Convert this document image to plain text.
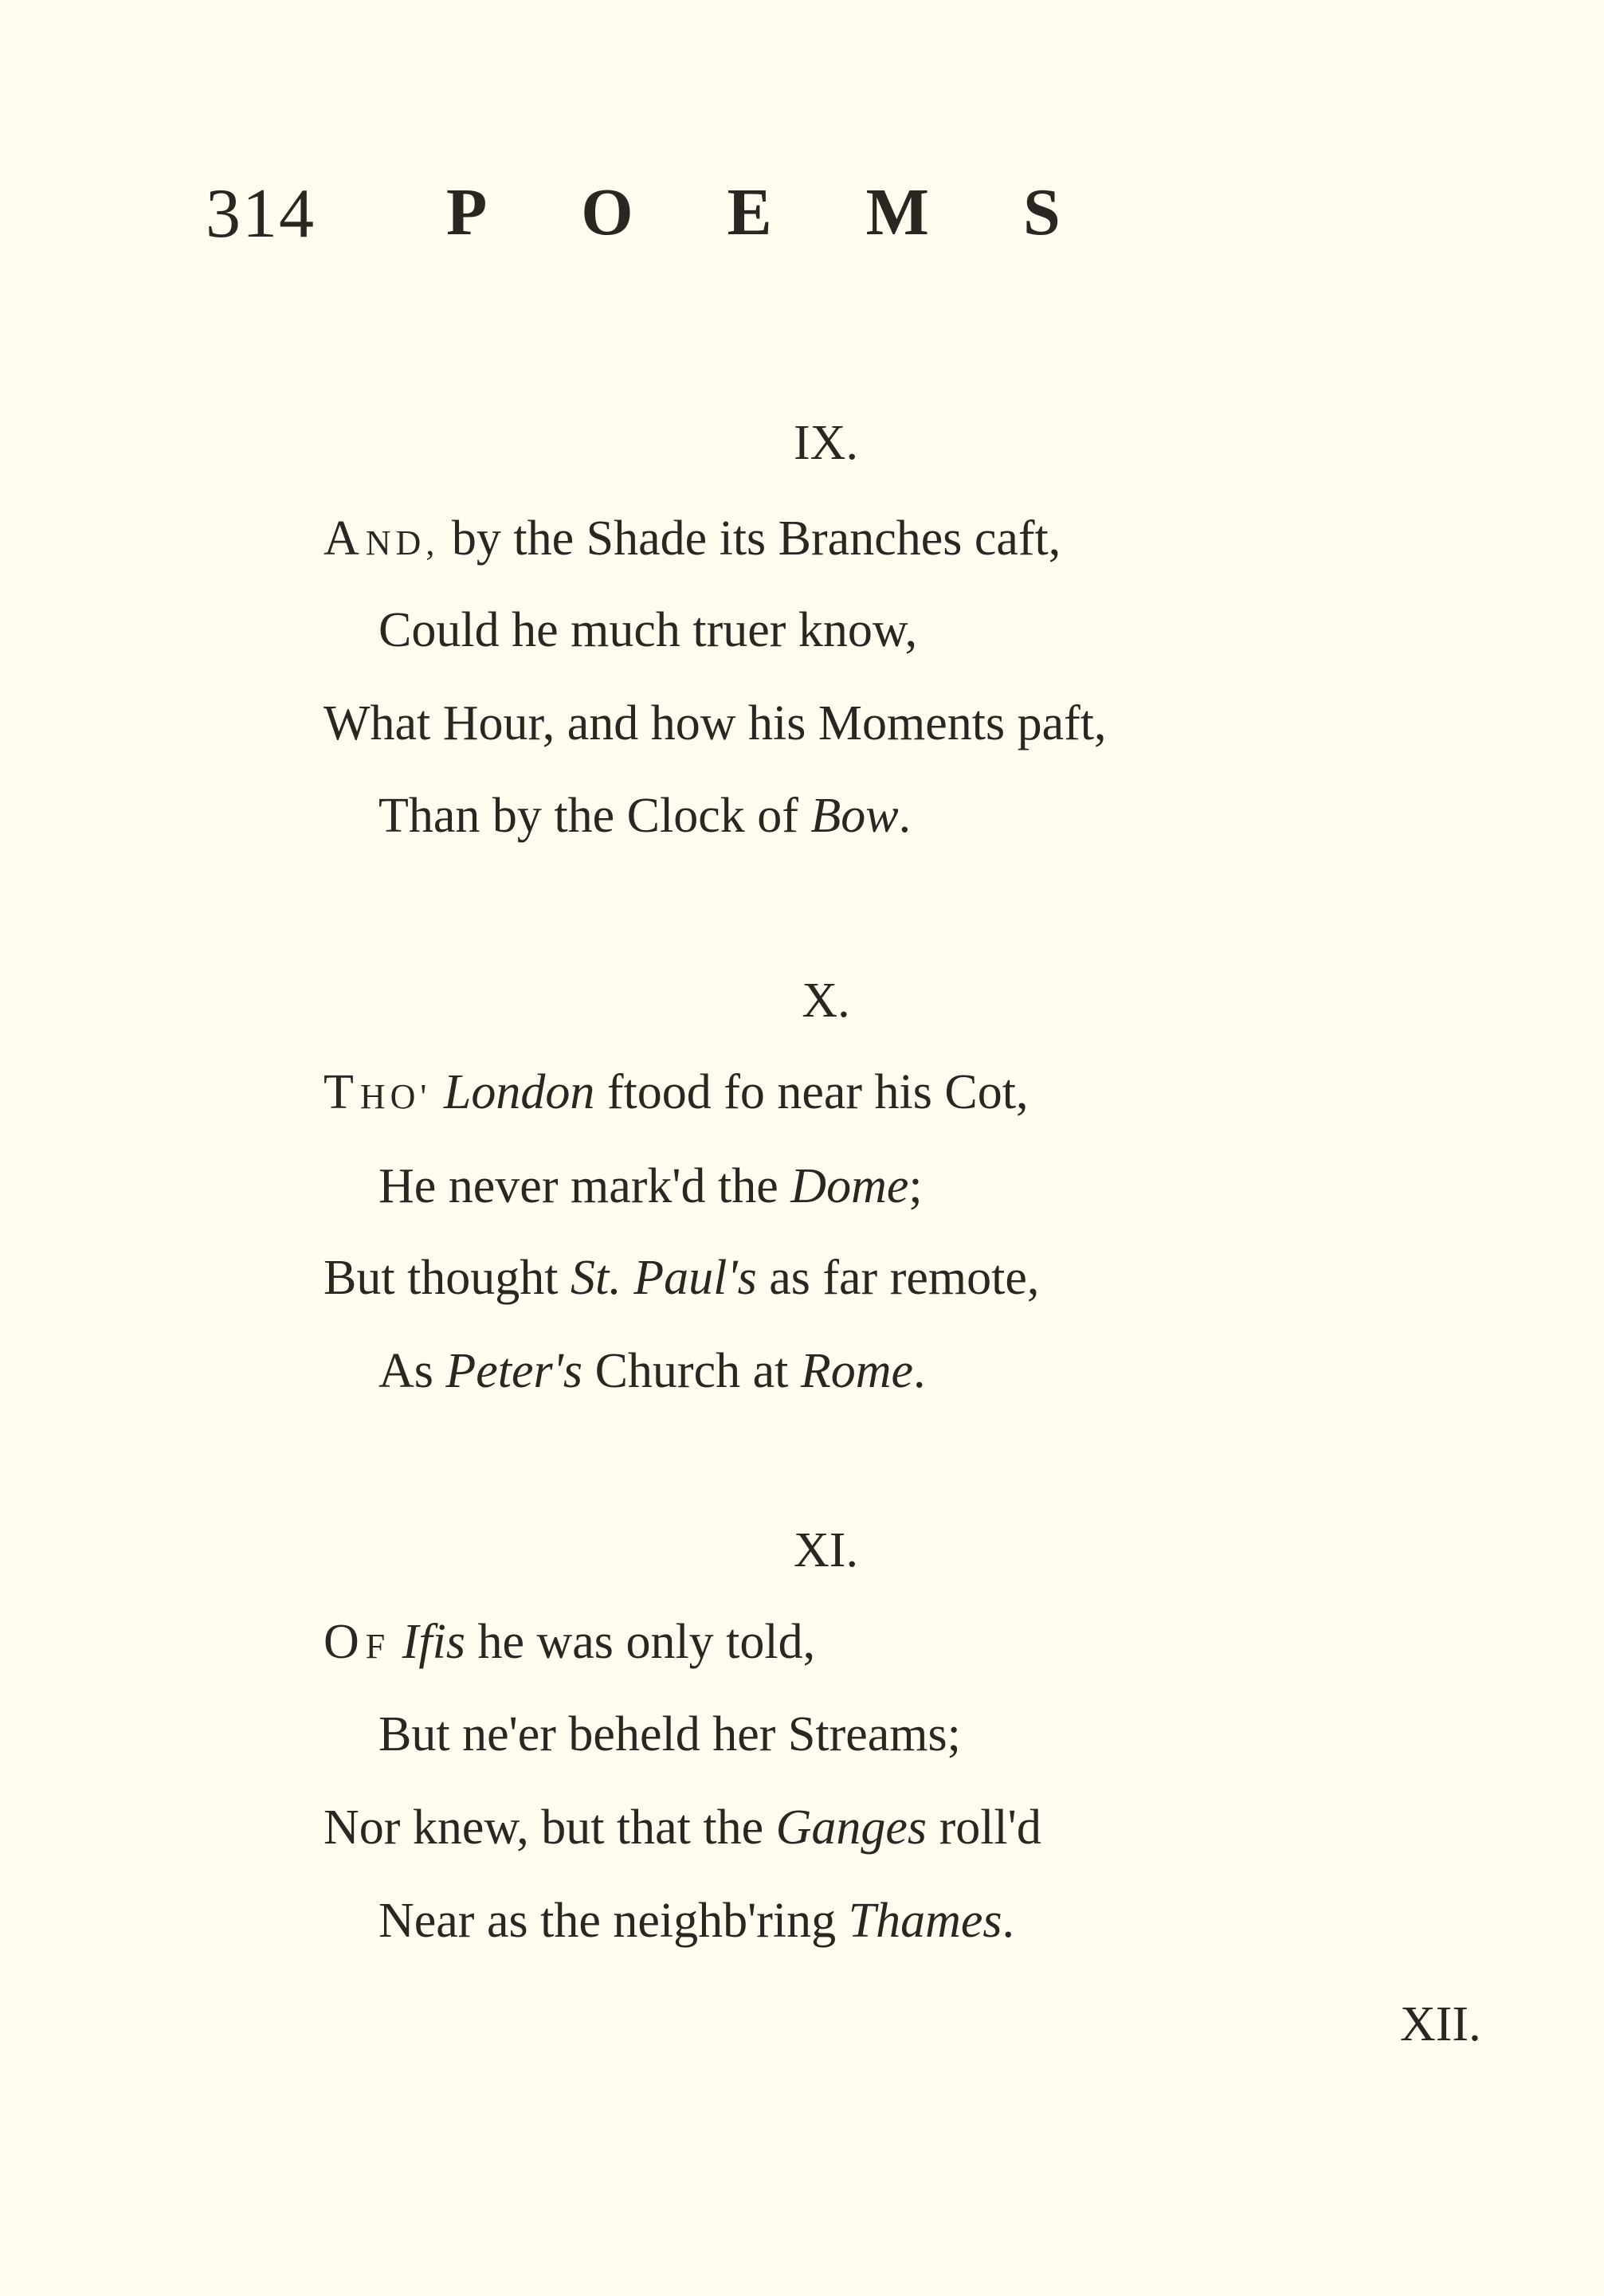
314 POEMS
IX.
AND, by the Shade its Branches caft,
Could he much truer know,
What Hour, and how his Moments paft,
Than by the Clock of Bow.
X.
THO' London ftood fo near his Cot,
He never mark'd the Dome;
But thought St. Paul's as far remote,
As Peter's Church at Rome.
XI.
OF Ifis he was only told,
But ne'er beheld her Streams;
Nor knew, but that the Ganges roll'd
Near as the neighb'ring Thames.
XII.
